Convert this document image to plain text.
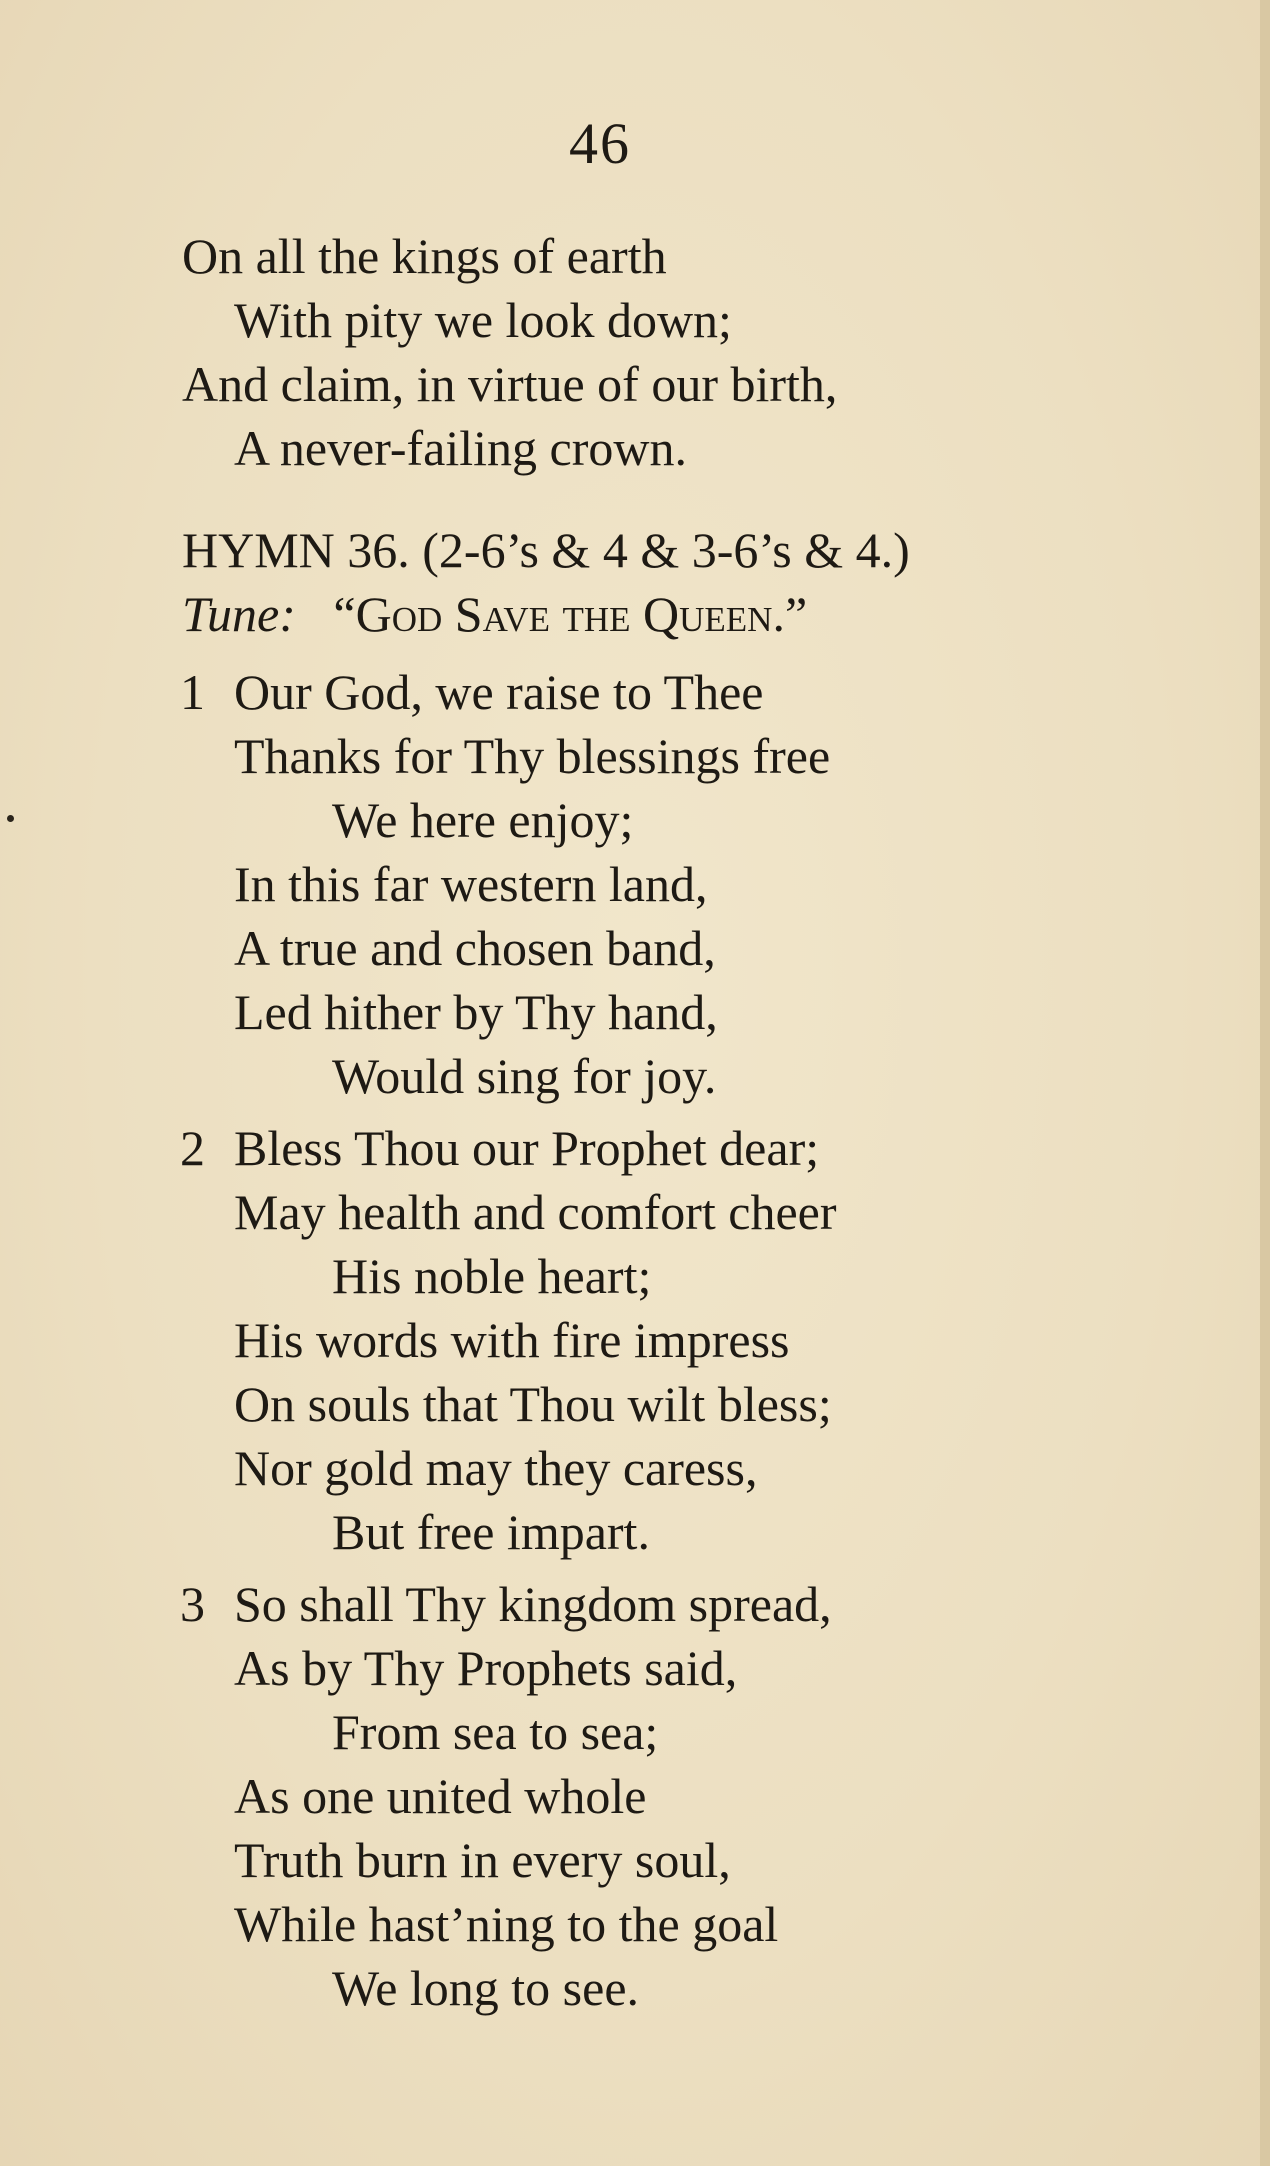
46
On all the kings of earth
With pity we look down;
And claim, in virtue of our birth,
A never-failing crown.
HYMN 36. (2-6’s & 4 & 3-6’s & 4.)
Tune: “God Save the Queen.”
1 Our God, we raise to Thee
Thanks for Thy blessings free
We here enjoy;
In this far western land,
A true and chosen band,
Led hither by Thy hand,
Would sing for joy.
2 Bless Thou our Prophet dear;
May health and comfort cheer
His noble heart;
His words with fire impress
On souls that Thou wilt bless;
Nor gold may they caress,
But free impart.
3 So shall Thy kingdom spread,
As by Thy Prophets said,
From sea to sea;
As one united whole
Truth burn in every soul,
While hast’ning to the goal
We long to see.
